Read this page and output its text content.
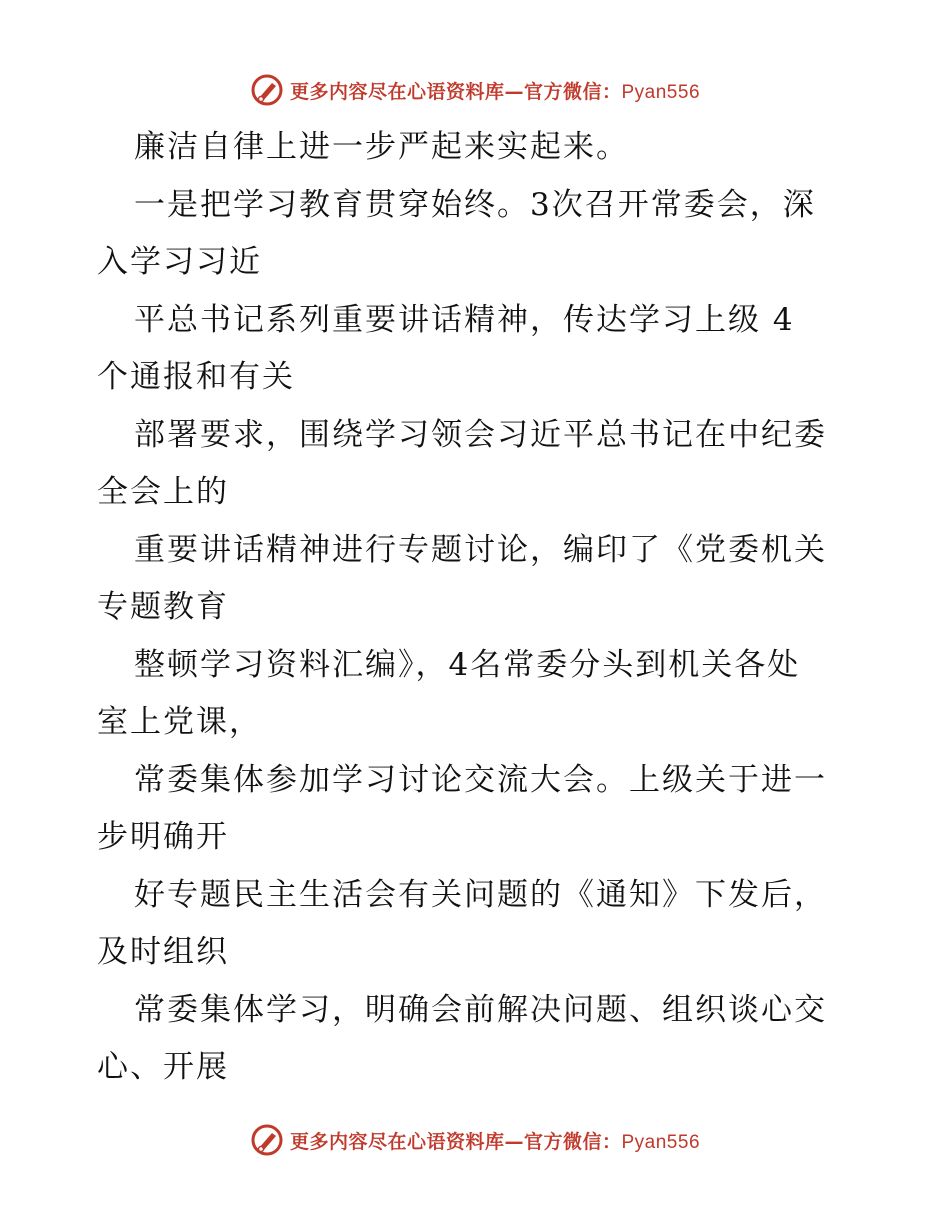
更多内容尽在心语资料库—官方微信：Pyan556
廉洁自律上进一步严起来实起来。
一是把学习教育贯穿始终。3次召开常委会，深
入学习习近
平总书记系列重要讲话精神，传达学习上级 4
个通报和有关
部署要求，围绕学习领会习近平总书记在中纪委
全会上的
重要讲话精神进行专题讨论，编印了《党委机关
专题教育
整顿学习资料汇编》，4名常委分头到机关各处
室上党课，
常委集体参加学习讨论交流大会。上级关于进一
步明确开
好专题民主生活会有关问题的《通知》下发后，
及时组织
常委集体学习，明确会前解决问题、组织谈心交
心、开展
更多内容尽在心语资料库—官方微信：Pyan556
